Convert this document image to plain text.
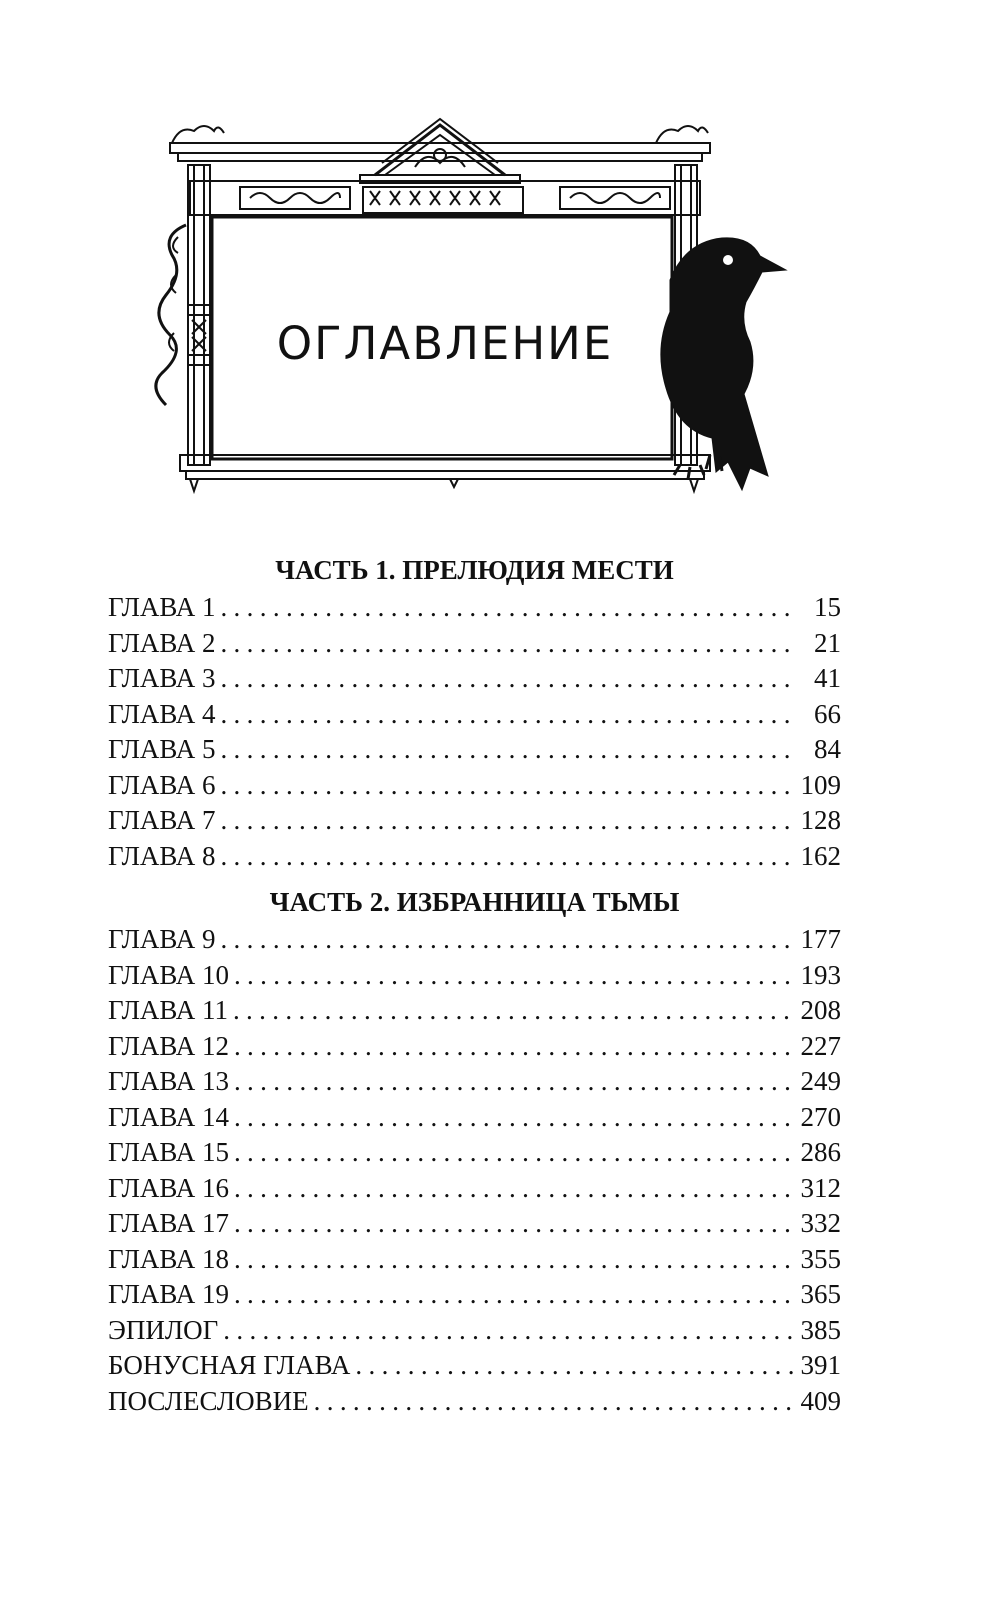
ОГЛАВЛЕНИЕ
ЧАСТЬ 1. ПРЕЛЮДИЯ МЕСТИ
ГЛАВА 1 . . .	15
ГЛАВА 2 . . .	21
ГЛАВА 3 . . .	41
ГЛАВА 4 . . .	66
ГЛАВА 5 . . .	84
ГЛАВА 6 . . .	109
ГЛАВА 7 . . .	128
ГЛАВА 8 . . .	162
ЧАСТЬ 2. ИЗБРАННИЦА ТЬМЫ
ГЛАВА 9 . . .	177
ГЛАВА 10 . . .	193
ГЛАВА 11 . . .	208
ГЛАВА 12 . . .	227
ГЛАВА 13 . . .	249
ГЛАВА 14 . . .	270
ГЛАВА 15 . . .	286
ГЛАВА 16 . . .	312
ГЛАВА 17 . . .	332
ГЛАВА 18 . . .	355
ГЛАВА 19 . . .	365
ЭПИЛОГ . . .	385
БОНУСНАЯ ГЛАВА . . .	391
ПОСЛЕСЛОВИЕ . . .	409
